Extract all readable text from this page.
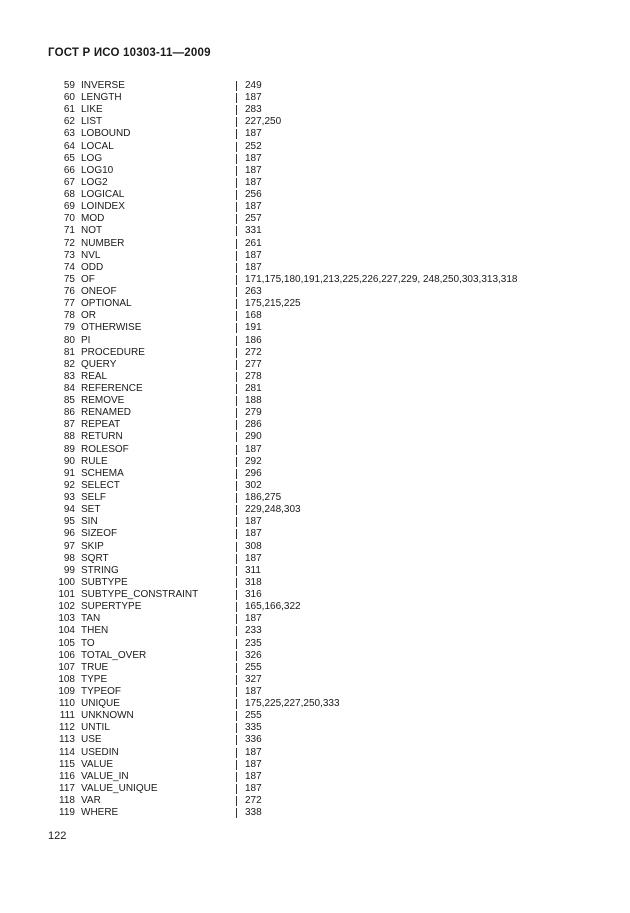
ГОСТ Р ИСО 10303-11—2009
59 INVERSE	249
60 LENGTH	187
61 LIKE	283
62 LIST	227,250
63 LOBOUND	187
64 LOCAL	252
65 LOG	187
66 LOG10	187
67 LOG2	187
68 LOGICAL	256
69 LOINDEX	187
70 MOD	257
71 NOT	331
72 NUMBER	261
73 NVL	187
74 ODD	187
75 OF	171,175,180,191,213,225,226,227,229, 248,250,303,313,318
76 ONEOF	263
77 OPTIONAL	175,215,225
78 OR	168
79 OTHERWISE	191
80 PI	186
81 PROCEDURE	272
82 QUERY	277
83 REAL	278
84 REFERENCE	281
85 REMOVE	188
86 RENAMED	279
87 REPEAT	286
88 RETURN	290
89 ROLESOF	187
90 RULE	292
91 SCHEMA	296
92 SELECT	302
93 SELF	186,275
94 SET	229,248,303
95 SIN	187
96 SIZEOF	187
97 SKIP	308
98 SQRT	187
99 STRING	311
100 SUBTYPE	318
101 SUBTYPE_CONSTRAINT	316
102 SUPERTYPE	165,166,322
103 TAN	187
104 THEN	233
105 TO	235
106 TOTAL_OVER	326
107 TRUE	255
108 TYPE	327
109 TYPEOF	187
110 UNIQUE	175,225,227,250,333
111 UNKNOWN	255
112 UNTIL	335
113 USE	336
114 USEDIN	187
115 VALUE	187
116 VALUE_IN	187
117 VALUE_UNIQUE	187
118 VAR	272
119 WHERE	338
122
